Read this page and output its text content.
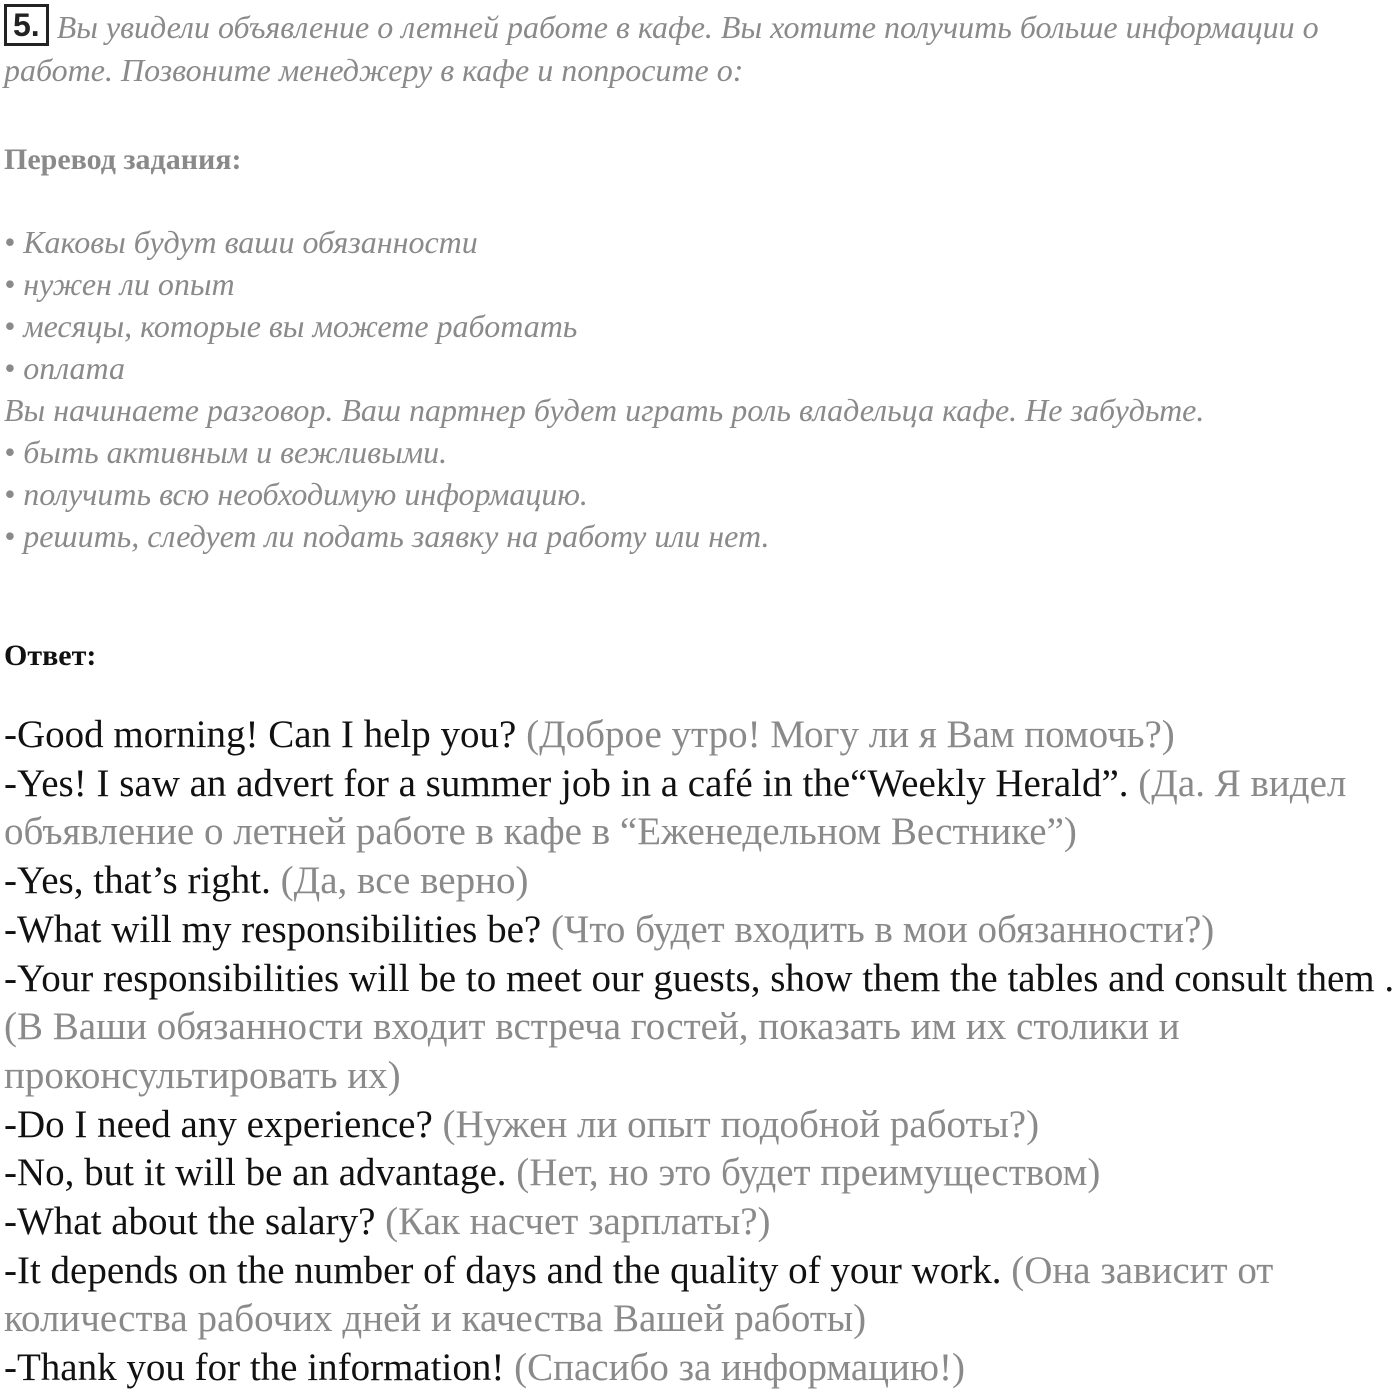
5. Вы увидели объявление о летней работе в кафе. Вы хотите получить больше информации о работе. Позвоните менеджеру в кафе и попросите о:
Перевод задания:
• Каковы будут ваши обязанности
• нужен ли опыт
• месяцы, которые вы можете работать
• оплата
Вы начинаете разговор. Ваш партнер будет играть роль владельца кафе. Не забудьте.
• быть активным и вежливыми.
• получить всю необходимую информацию.
• решить, следует ли подать заявку на работу или нет.
Ответ:

-Good morning! Can I help you? (Доброе утро! Могу ли я Вам помочь?)

-Yes! I saw an advert for a summer job in a café in the“Weekly Herald”. (Да. Я видел объявление о летней работе в кафе в “Еженедельном Вестнике”)

-Yes, that’s right. (Да, все верно)

-What will my responsibilities be? (Что будет входить в мои обязанности?)

-Your responsibilities will be to meet our guests, show them the tables and consult them . (В Ваши обязанности входит встреча гостей, показать им их столики и проконсультировать их)

-Do I need any experience? (Нужен ли опыт подобной работы?)

-No, but it will be an advantage. (Нет, но это будет преимуществом)

-What about the salary? (Как насчет зарплаты?)

-It depends on the number of days and the quality of your work. (Она зависит от количества рабочих дней и качества Вашей работы)

-Thank you for the information! (Спасибо за информацию!)
